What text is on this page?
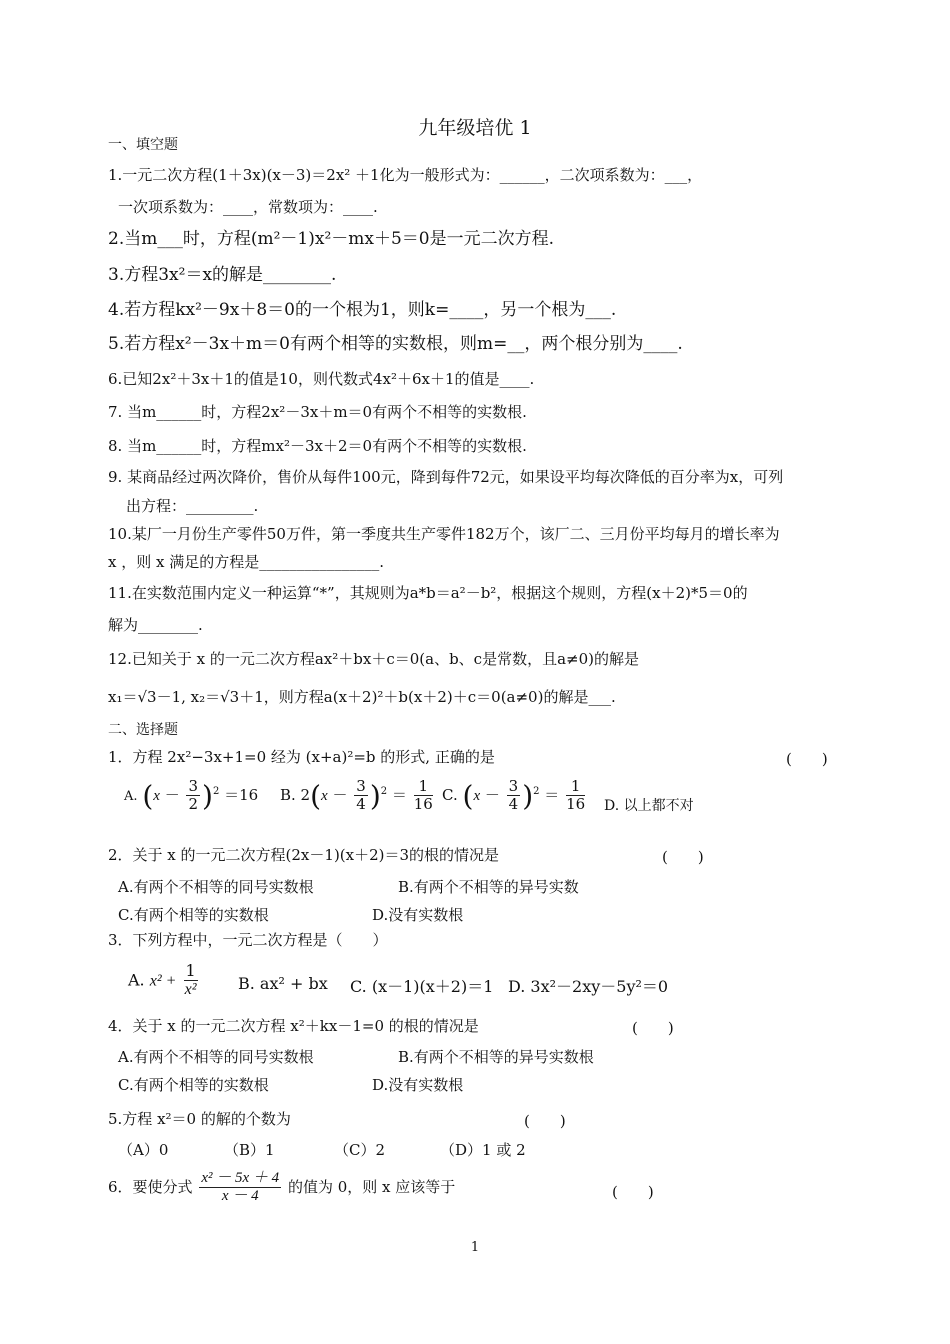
九年级培优 1
一、填空题
1.一元二次方程(1＋3x)(x－3)＝2x² ＋1化为一般形式为：______，二次项系数为：___，
一次项系数为：____，常数项为：____.
2.当m___时，方程(m²－1)x²－mx＋5＝0是一元二次方程.
3.方程3x²＝x的解是________.
4.若方程kx²－9x＋8＝0的一个根为1，则k=____，另一个根为___.
5.若方程x²－3x＋m＝0有两个相等的实数根，则m=__，两个根分别为____.
6.已知2x²＋3x＋1的值是10，则代数式4x²＋6x＋1的值是____.
7. 当m______时，方程2x²－3x＋m＝0有两个不相等的实数根.
8. 当m______时，方程mx²－3x＋2＝0有两个不相等的实数根.
9. 某商品经过两次降价，售价从每件100元，降到每件72元，如果设平均每次降低的百分率为x，可列
出方程：_________.
10.某厂一月份生产零件50万件，第一季度共生产零件182万个，该厂二、三月份平均每月的增长率为
x ，则 x 满足的方程是________________.
11.在实数范围内定义一种运算“*”，其规则为a*b＝a²－b²，根据这个规则，方程(x＋2)*5＝0的
解为________.
12.已知关于 x 的一元二次方程ax²＋bx＋c＝0(a、b、c是常数，且a≠0)的解是
x₁＝√3－1, x₂＝√3＋1，则方程a(x＋2)²＋b(x＋2)＋c＝0(a≠0)的解是___.
二、选择题
1．方程 2x²−3x+1=0 经为 (x+a)²=b 的形式, 正确的是	(　　)
A. $(x - \frac{3}{2} )^2 =16$ B. $2(x - \frac{3}{4} )^2 = \frac{1}{16} C$. $(x - \frac{3}{4} )^2 = \frac{1}{16} D$. 以上都不对
2．关于 x 的一元二次方程(2x－1)(x＋2)＝3的根的情况是	(　　)
A.有两个不相等的同号实数根	B.有两个不相等的异号实数
C.有两个相等的实数根	D.没有实数根
3．下列方程中，一元二次方程是（　　）
A. $x^2 + \frac{1}{\text{x²}}$	B. ax² + bx C. (x－1)(x＋2)＝1 D. 3x²－2xy－5y²＝0
4．关于 x 的一元二次方程 x²＋kx－1=0 的根的情况是	(　　)
A.有两个不相等的同号实数根	B.有两个不相等的异号实数根
C.有两个相等的实数根	D.没有实数根
5.方程 x²＝0 的解的个数为	(　　)
（A）0	（B）1	（C）2	（D）1 或 2
6．要使分式 $\frac{\text{x² － 5x ＋ 4}}{x - 4}$ 的值为 0，则 x 应该等于	(　　)
1
